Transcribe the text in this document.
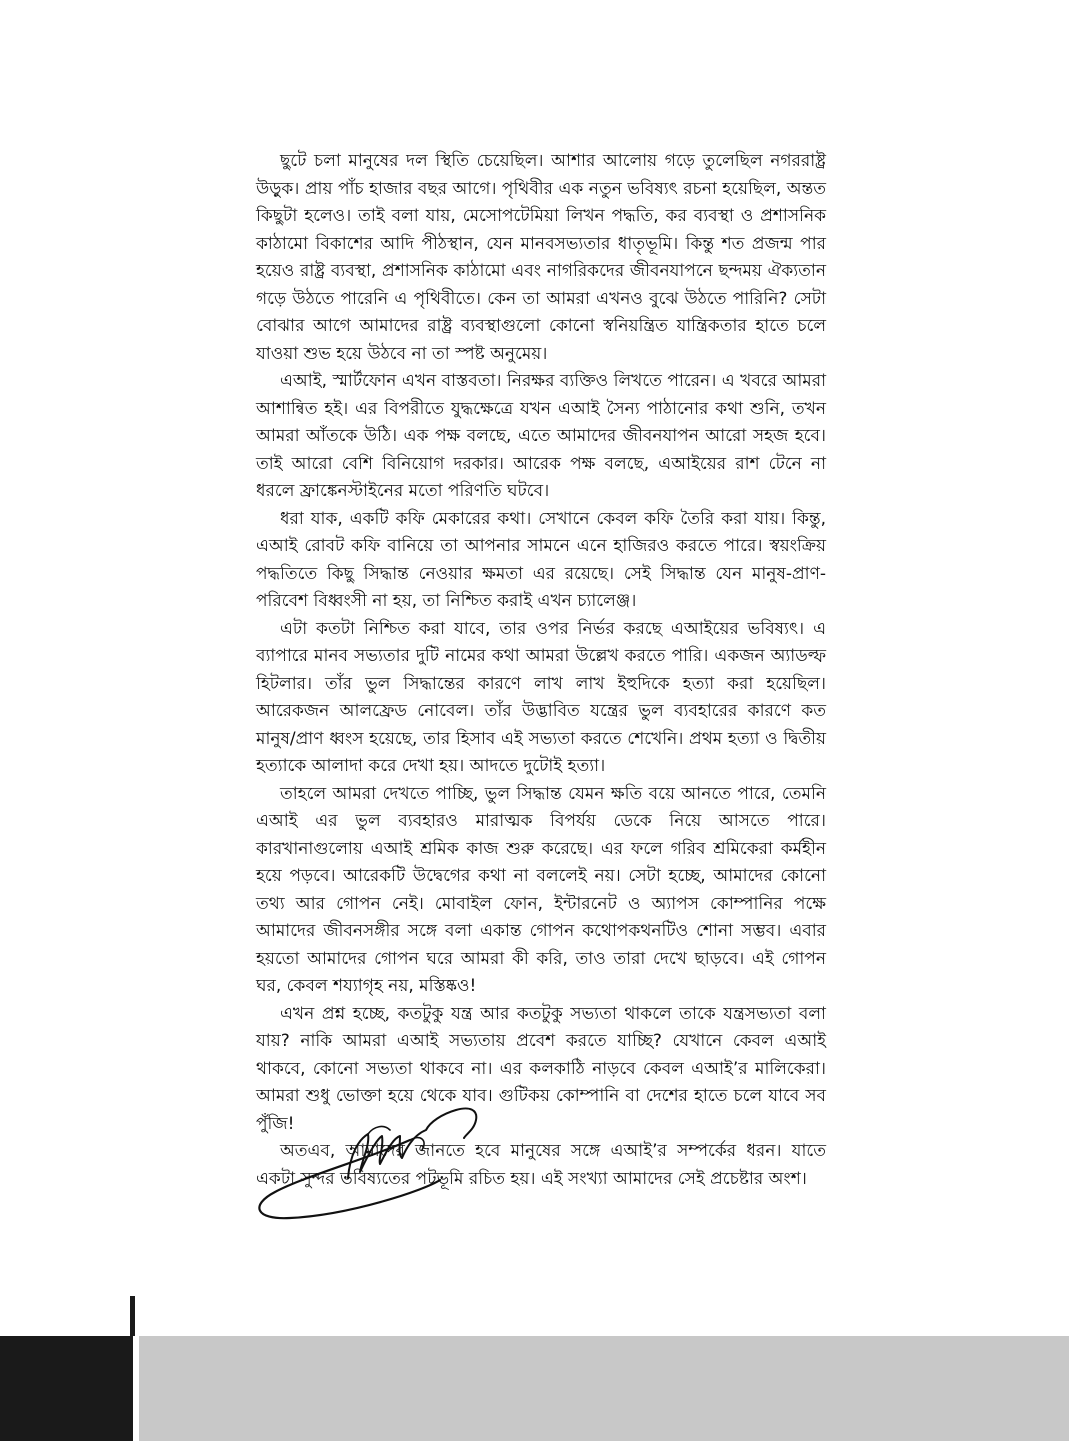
ছুটে চলা মানুষের দল স্থিতি চেয়েছিল। আশার আলোয় গড়ে তুলেছিল নগররাষ্ট্র উড়ুক। প্রায় পাঁচ হাজার বছর আগে। পৃথিবীর এক নতুন ভবিষ্যৎ রচনা হয়েছিল, অন্তত কিছুটা হলেও। তাই বলা যায়, মেসোপটেমিয়া লিখন পদ্ধতি, কর ব্যবস্থা ও প্রশাসনিক কাঠামো বিকাশের আদি পীঠস্থান, যেন মানবসভ্যতার ধাতৃভূমি। কিন্তু শত প্রজন্ম পার হয়েও রাষ্ট্র ব্যবস্থা, প্রশাসনিক কাঠামো এবং নাগরিকদের জীবনযাপনে ছন্দময় ঐক্যতান গড়ে উঠতে পারেনি এ পৃথিবীতে। কেন তা আমরা এখনও বুঝে উঠতে পারিনি? সেটা বোঝার আগে আমাদের রাষ্ট্র ব্যবস্থাগুলো কোনো স্বনিয়ন্ত্রিত যান্ত্রিকতার হাতে চলে যাওয়া শুভ হয়ে উঠবে না তা স্পষ্ট অনুমেয়।

এআই, স্মার্টফোন এখন বাস্তবতা। নিরক্ষর ব্যক্তিও লিখতে পারেন। এ খবরে আমরা আশান্বিত হই। এর বিপরীতে যুদ্ধক্ষেত্রে যখন এআই সৈন্য পাঠানোর কথা শুনি, তখন আমরা আঁতকে উঠি। এক পক্ষ বলছে, এতে আমাদের জীবনযাপন আরো সহজ হবে। তাই আরো বেশি বিনিয়োগ দরকার। আরেক পক্ষ বলছে, এআইয়ের রাশ টেনে না ধরলে ফ্রাঙ্কেনস্টাইনের মতো পরিণতি ঘটবে।

ধরা যাক, একটি কফি মেকারের কথা। সেখানে কেবল কফি তৈরি করা যায়। কিন্তু, এআই রোবট কফি বানিয়ে তা আপনার সামনে এনে হাজিরও করতে পারে। স্বয়ংক্রিয় পদ্ধতিতে কিছু সিদ্ধান্ত নেওয়ার ক্ষমতা এর রয়েছে। সেই সিদ্ধান্ত যেন মানুষ-প্রাণ-পরিবেশ বিধ্বংসী না হয়, তা নিশ্চিত করাই এখন চ্যালেঞ্জ।

এটা কতটা নিশ্চিত করা যাবে, তার ওপর নির্ভর করছে এআইয়ের ভবিষ্যৎ। এ ব্যাপারে মানব সভ্যতার দুটি নামের কথা আমরা উল্লেখ করতে পারি। একজন অ্যাডল্ফ হিটলার। তাঁর ভুল সিদ্ধান্তের কারণে লাখ লাখ ইহুদিকে হত্যা করা হয়েছিল। আরেকজন আলফ্রেড নোবেল। তাঁর উদ্ভাবিত যন্ত্রের ভুল ব্যবহারের কারণে কত মানুষ/প্রাণ ধ্বংস হয়েছে, তার হিসাব এই সভ্যতা করতে শেখেনি। প্রথম হত্যা ও দ্বিতীয় হত্যাকে আলাদা করে দেখা হয়। আদতে দুটোই হত্যা।

তাহলে আমরা দেখতে পাচ্ছি, ভুল সিদ্ধান্ত যেমন ক্ষতি বয়ে আনতে পারে, তেমনি এআই এর ভুল ব্যবহারও মারাত্মক বিপর্যয় ডেকে নিয়ে আসতে পারে। কারখানাগুলোয় এআই শ্রমিক কাজ শুরু করেছে। এর ফলে গরিব শ্রমিকেরা কর্মহীন হয়ে পড়বে। আরেকটি উদ্বেগের কথা না বললেই নয়। সেটা হচ্ছে, আমাদের কোনো তথ্য আর গোপন নেই। মোবাইল ফোন, ইন্টারনেট ও অ্যাপস কোম্পানির পক্ষে আমাদের জীবনসঙ্গীর সঙ্গে বলা একান্ত গোপন কথোপকথনটিও শোনা সম্ভব। এবার হয়তো আমাদের গোপন ঘরে আমরা কী করি, তাও তারা দেখে ছাড়বে। এই গোপন ঘর, কেবল শয্যাগৃহ নয়, মস্তিষ্কও!

এখন প্রশ্ন হচ্ছে, কতটুকু যন্ত্র আর কতটুকু সভ্যতা থাকলে তাকে যন্ত্রসভ্যতা বলা যায়? নাকি আমরা এআই সভ্যতায় প্রবেশ করতে যাচ্ছি? যেখানে কেবল এআই থাকবে, কোনো সভ্যতা থাকবে না। এর কলকাঠি নাড়বে কেবল এআই’র মালিকেরা। আমরা শুধু ভোক্তা হয়ে থেকে যাব। গুটিকয় কোম্পানি বা দেশের হাতে চলে যাবে সব পুঁজি!

অতএব, আমাদের জানতে হবে মানুষের সঙ্গে এআই’র সম্পর্কের ধরন। যাতে একটা সুন্দর ভবিষ্যতের পটভূমি রচিত হয়। এই সংখ্যা আমাদের সেই প্রচেষ্টার অংশ।
